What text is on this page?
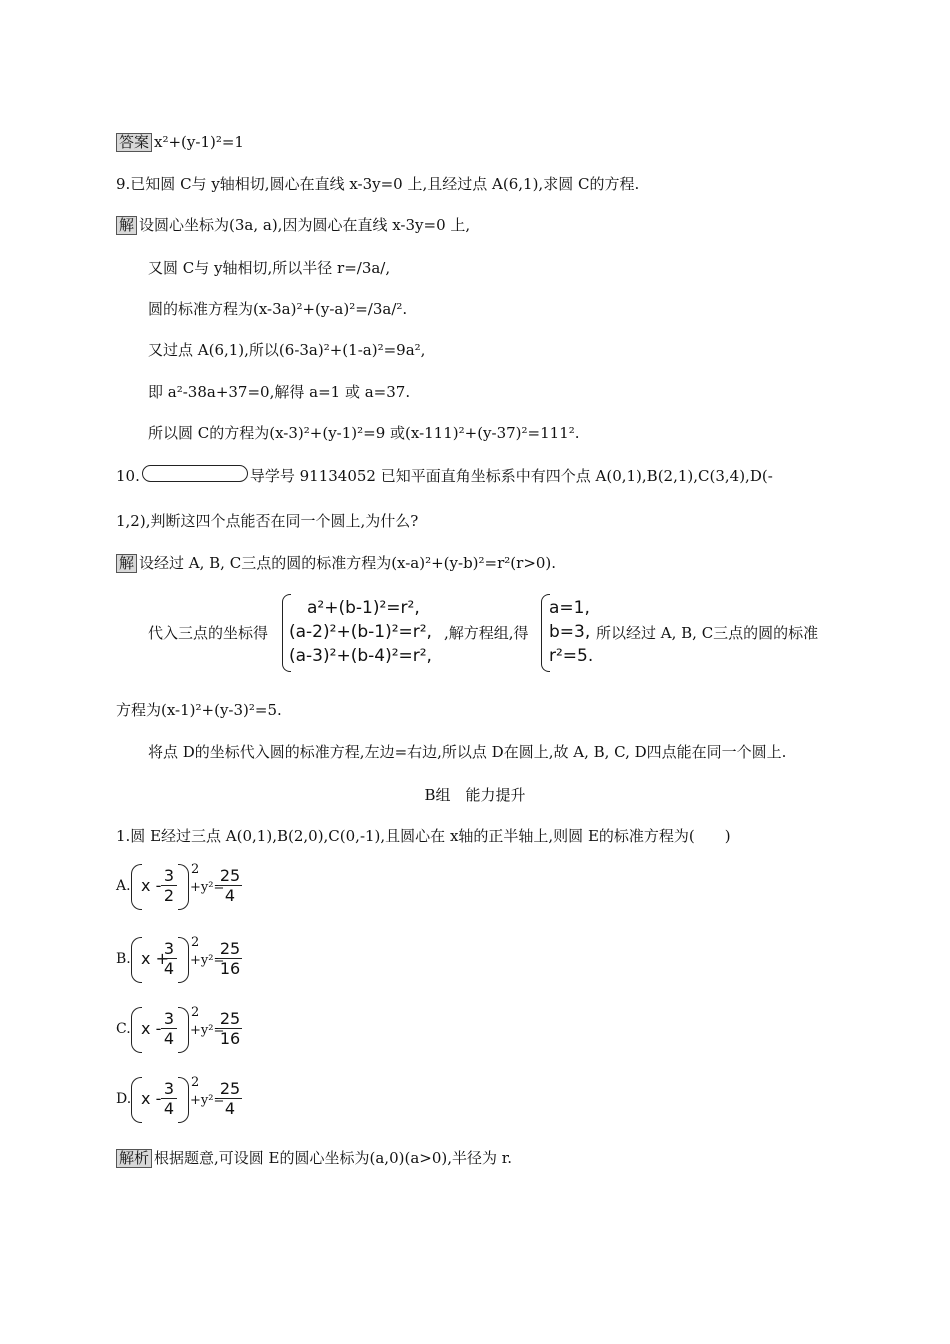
答案 x²+(y-1)²=1
9.已知圆 C与 y轴相切,圆心在直线 x-3y=0 上,且经过点 A(6,1),求圆 C的方程.
解 设圆心坐标为(3a, a),因为圆心在直线 x-3y=0 上,
又圆 C与 y轴相切,所以半径 r=/3a/,
圆的标准方程为(x-3a)²+(y-a)²=/3a/².
又过点 A(6,1),所以(6-3a)²+(1-a)²=9a²,
即 a²-38a+37=0,解得 a=1 或 a=37.
所以圆 C的方程为(x-3)²+(y-1)²=9 或(x-111)²+(y-37)²=111².
10.	导学号 91134052 已知平面直角坐标系中有四个点 A(0,1),B(2,1),C(3,4),D(-
1,2),判断这四个点能否在同一个圆上,为什么?
解 设经过 A, B, C三点的圆的标准方程为(x-a)²+(y-b)²=r²(r>0).
代入三点的坐标得
a²+(b-1)²=r²,
(a-2)²+(b-1)²=r²,
(a-3)²+(b-4)²=r²,
,解方程组,得
a=1,
b=3,
r²=5.
所以经过 A, B, C三点的圆的标准
方程为(x-1)²+(y-3)²=5.
将点 D的坐标代入圆的标准方程,左边=右边,所以点 D在圆上,故 A, B, C, D四点能在同一个圆上.
B组　能力提升
1.圆 E经过三点 A(0,1),B(2,0),C(0,-1),且圆心在 x轴的正半轴上,则圆 E的标准方程为(　　)
A. x - $\frac{3}{2} 2$
+y²=
$\frac{25}{4}$
B. x +
$\frac{3}{4} 2$
+y²=
$\frac{25}{16}$
C. x - $\frac{3}{4} 2$
+y²=
$\frac{25}{16}$
D. x - $\frac{3}{4} 2$
+y²=
$\frac{25}{4}$
解析 根据题意,可设圆 E的圆心坐标为(a,0)(a>0),半径为 r.
